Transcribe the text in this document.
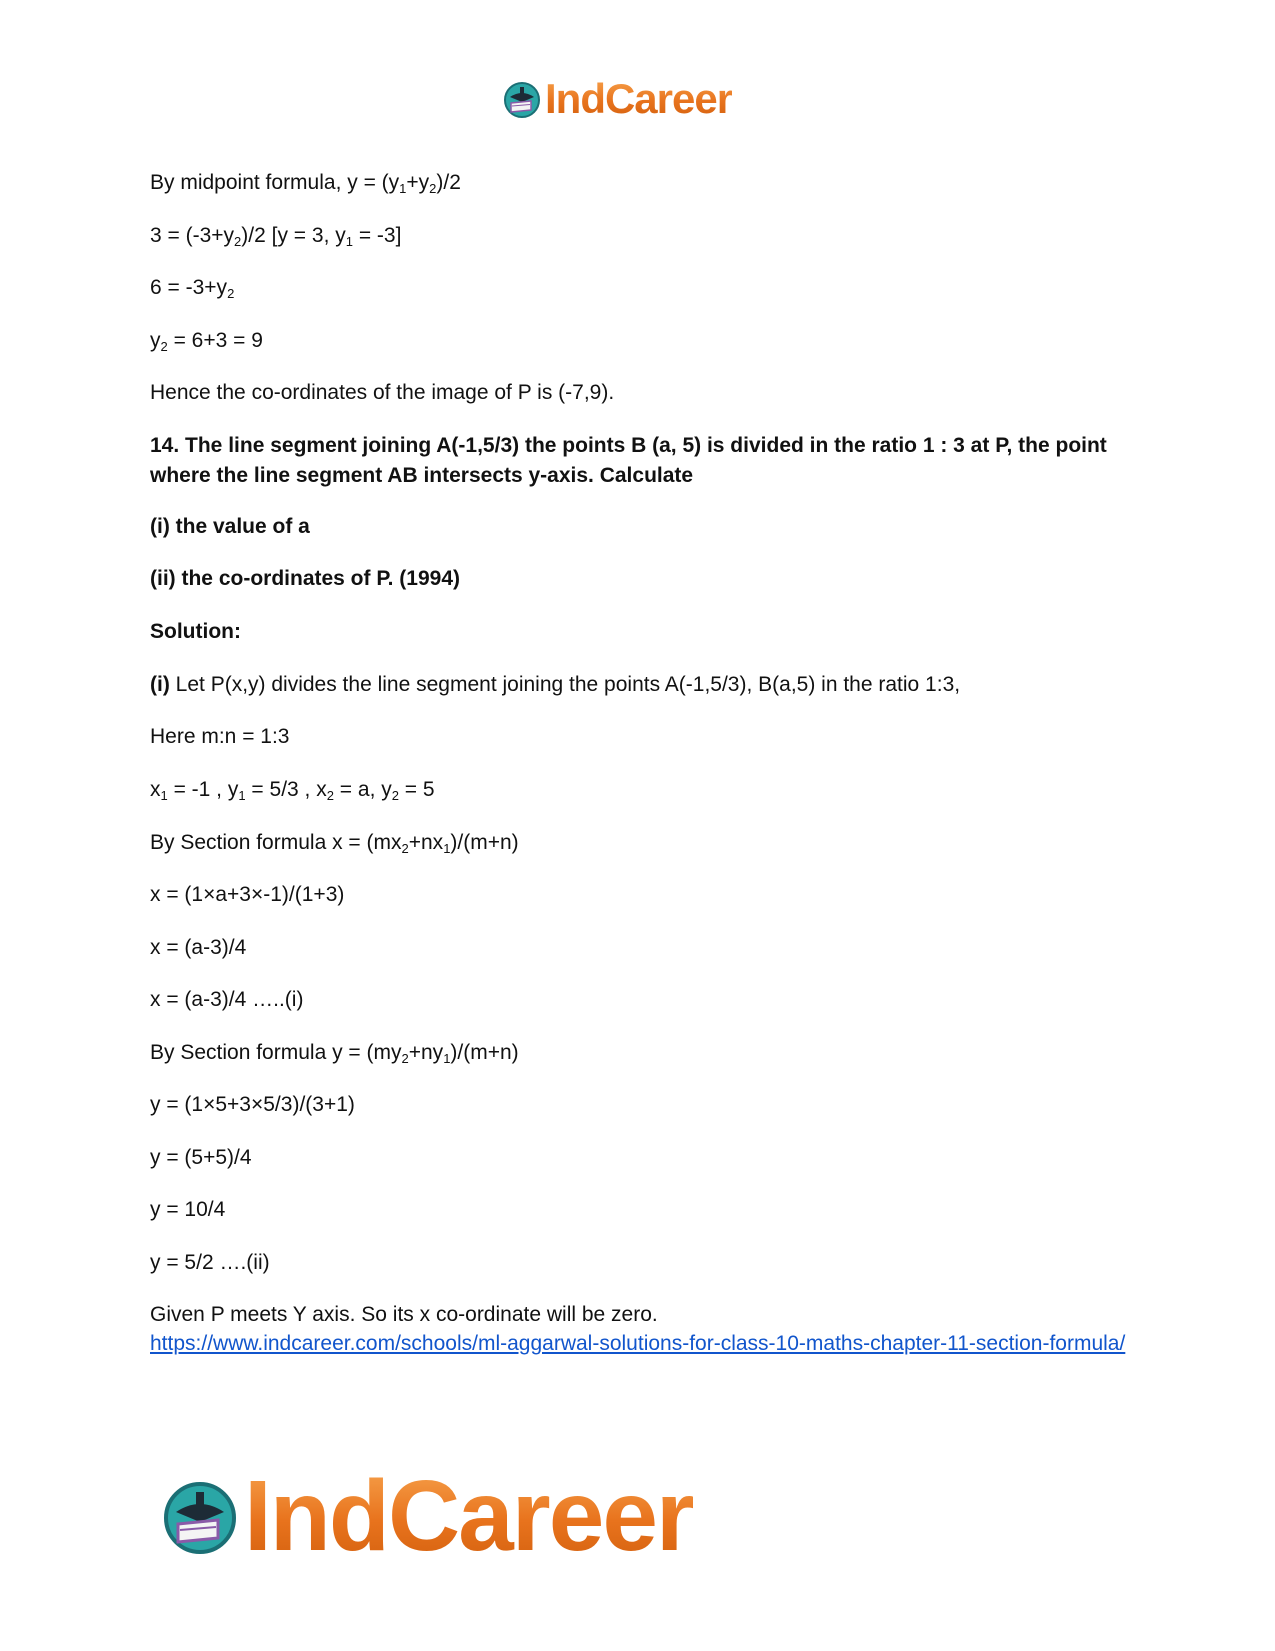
IndCareer
By midpoint formula, $y = (y_1+y_2)/2$
$3 = (-3+y_2)/2$ [y = 3, $y_1 = -3$]
$6 = -3+y_2$
$y_2 = 6+3 = 9$
Hence the co-ordinates of the image of P is (-7,9).
14. The line segment joining A(-1,5/3) the points B (a, 5) is divided in the ratio 1 : 3 at P, the point where the line segment AB intersects y-axis. Calculate
(i) the value of a
(ii) the co-ordinates of P. (1994)
Solution:
(i) Let P(x,y) divides the line segment joining the points A(-1,5/3), B(a,5) in the ratio 1:3,
Here m:n = 1:3
$x_1 = -1$ , $y_1 = 5/3$ , $x_2 = a$, $y_2 = 5$
By Section formula $x = (mx_2+nx_1)/(m+n)$
x = (1×a+3×-1)/(1+3)
x = (a-3)/4
x = (a-3)/4 …..(i)
By Section formula $y = (my_2+ny_1)/(m+n)$
y = (1×5+3×5/3)/(3+1)
y = (5+5)/4
y = 10/4
y = 5/2 ….(ii)
Given P meets Y axis. So its x co-ordinate will be zero.
https://www.indcareer.com/schools/ml-aggarwal-solutions-for-class-10-maths-chapter-11-section-formula/
IndCareer
